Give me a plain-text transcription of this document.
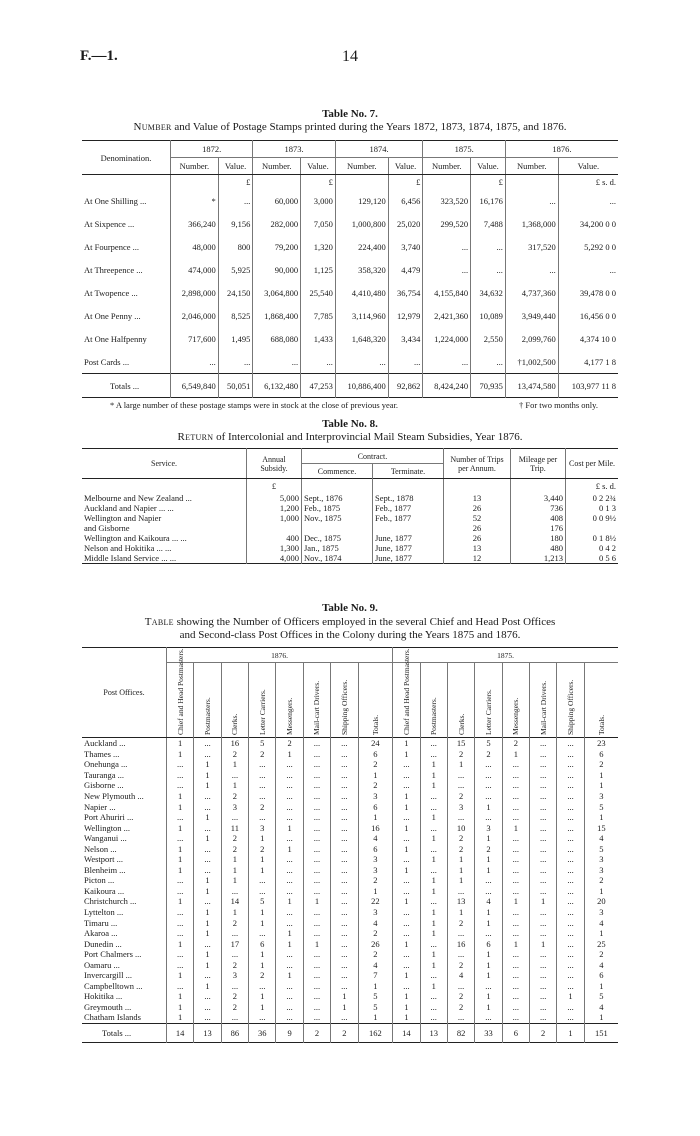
F.—1.	14
Table No. 7.
Number and Value of Postage Stamps printed during the Years 1872, 1873, 1874, 1875, and 1876.
Denomination.	1872.		1873.		1874.		1875.		1876.	
	Number.	Value.	Number.	Value.	Number.	Value.	Number.	Value.	Number.	Value.
		£		£		£		£		£ s. d.
At One Shilling ...	*	...	60,000	3,000	129,120	6,456	323,520	16,176	...	...
At Sixpence ...	366,240	9,156	282,000	7,050	1,000,800	25,020	299,520	7,488	1,368,000	34,200 0 0
At Fourpence ...	48,000	800	79,200	1,320	224,400	3,740	...	...	317,520	5,292 0 0
At Threepence ...	474,000	5,925	90,000	1,125	358,320	4,479	...	...	...	...
At Twopence ...	2,898,000	24,150	3,064,800	25,540	4,410,480	36,754	4,155,840	34,632	4,737,360	39,478 0 0
At One Penny ...	2,046,000	8,525	1,868,400	7,785	3,114,960	12,979	2,421,360	10,089	3,949,440	16,456 0 0
At One Halfpenny	717,600	1,495	688,080	1,433	1,648,320	3,434	1,224,000	2,550	2,099,760	4,374 10 0
Post Cards ...	...	...	...	...	...	...	...	...	†1,002,500	4,177 1 8
Totals ...	6,549,840	50,051	6,132,480	47,253	10,886,400	92,862	8,424,240	70,935	13,474,580	103,977 11 8
* A large number of these postage stamps were in stock at the close of previous year.	† For two months only.
Table No. 8.
Return of Intercolonial and Interprovincial Mail Steam Subsidies, Year 1876.
Service.	Annual Subsidy.	Contract.		Number of Trips per Annum.	Mileage per Trip.	Cost per Mile.
		Commence.	Terminate.			
	£					£ s. d.
Melbourne and New Zealand ...	5,000	Sept., 1876	Sept., 1878	13	3,440	0 2 2¾
Auckland and Napier ... ...	1,200	Feb., 1875	Feb., 1877	26	736	0 1 3
Wellington and Napier	1,000	Nov., 1875	Feb., 1877	52	408	0 0 9½
and Gisborne				26	176	
Wellington and Kaikoura ... ...	400	Dec., 1875	June, 1877	26	180	0 1 8½
Nelson and Hokitika ... ...	1,300	Jan., 1875	June, 1877	13	480	0 4 2
Middle Island Service ... ...	4,000	Nov., 1874	June, 1877	12	1,213	0 5 6
Table No. 9.
Table showing the Number of Officers employed in the several Chief and Head Post Offices
and Second-class Post Offices in the Colony during the Years 1875 and 1876.
Post Offices.	1876.								1875.							
	Chief and Head Postmasters.	Postmasters.	Clerks.	Letter Carriers.	Messengers.	Mail-cart Drivers.	Shipping Officers.	Totals.	Chief and Head Postmasters.	Postmasters.	Clerks.	Letter Carriers.	Messengers.	Mail-cart Drivers.	Shipping Officers.	Totals.
Auckland ...	1	...	16	5	2	...	...	24	1	...	15	5	2	...	...	23
Thames ...	1	...	2	2	1	...	...	6	1	...	2	2	1	...	...	6
Onehunga ...	...	1	1	...	...	...	...	2	...	1	1	...	...	...	...	2
Tauranga ...	...	1	...	...	...	...	...	1	...	1	...	...	...	...	...	1
Gisborne ...	...	1	1	...	...	...	...	2	...	1	...	...	...	...	...	1
New Plymouth ...	1	...	2	...	...	...	...	3	1	...	2	...	...	...	...	3
Napier ...	1	...	3	2	...	...	...	6	1	...	3	1	...	...	...	5
Port Ahuriri ...	...	1	...	...	...	...	...	1	...	1	...	...	...	...	...	1
Wellington ...	1	...	11	3	1	...	...	16	1	...	10	3	1	...	...	15
Wanganui ...	...	1	2	1	...	...	...	4	...	1	2	1	...	...	...	4
Nelson ...	1	...	2	2	1	...	...	6	1	...	2	2	...	...	...	5
Westport ...	1	...	1	1	...	...	...	3	...	1	1	1	...	...	...	3
Blenheim ...	1	...	1	1	...	...	...	3	1	...	1	1	...	...	...	3
Picton ...	...	1	1	...	...	...	...	2	...	1	1	...	...	...	...	2
Kaikoura ...	...	1	...	...	...	...	...	1	...	1	...	...	...	...	...	1
Christchurch ...	1	...	14	5	1	1	...	22	1	...	13	4	1	1	...	20
Lyttelton ...	...	1	1	1	...	...	...	3	...	1	1	1	...	...	...	3
Timaru ...	...	1	2	1	...	...	...	4	...	1	2	1	...	...	...	4
Akaroa ...	...	1	...	...	1	...	...	2	...	1	...	...	...	...	...	1
Dunedin ...	1	...	17	6	1	1	...	26	1	...	16	6	1	1	...	25
Port Chalmers ...	...	1	...	1	...	...	...	2	...	1	...	1	...	...	...	2
Oamaru ...	...	1	2	1	...	...	...	4	...	1	2	1	...	...	...	4
Invercargill ...	1	...	3	2	1	...	...	7	1	...	4	1	...	...	...	6
Campbelltown ...	...	1	...	...	...	...	...	1	...	1	...	...	...	...	...	1
Hokitika ...	1	...	2	1	...	...	1	5	1	...	2	1	...	...	1	5
Greymouth ...	1	...	2	1	...	...	1	5	1	...	2	1	...	...	...	4
Chatham Islands	1	...	...	...	...	...	...	1	1	...	...	...	...	...	...	1
Totals ...	14	13	86	36	9	2	2	162	14	13	82	33	6	2	1	151
